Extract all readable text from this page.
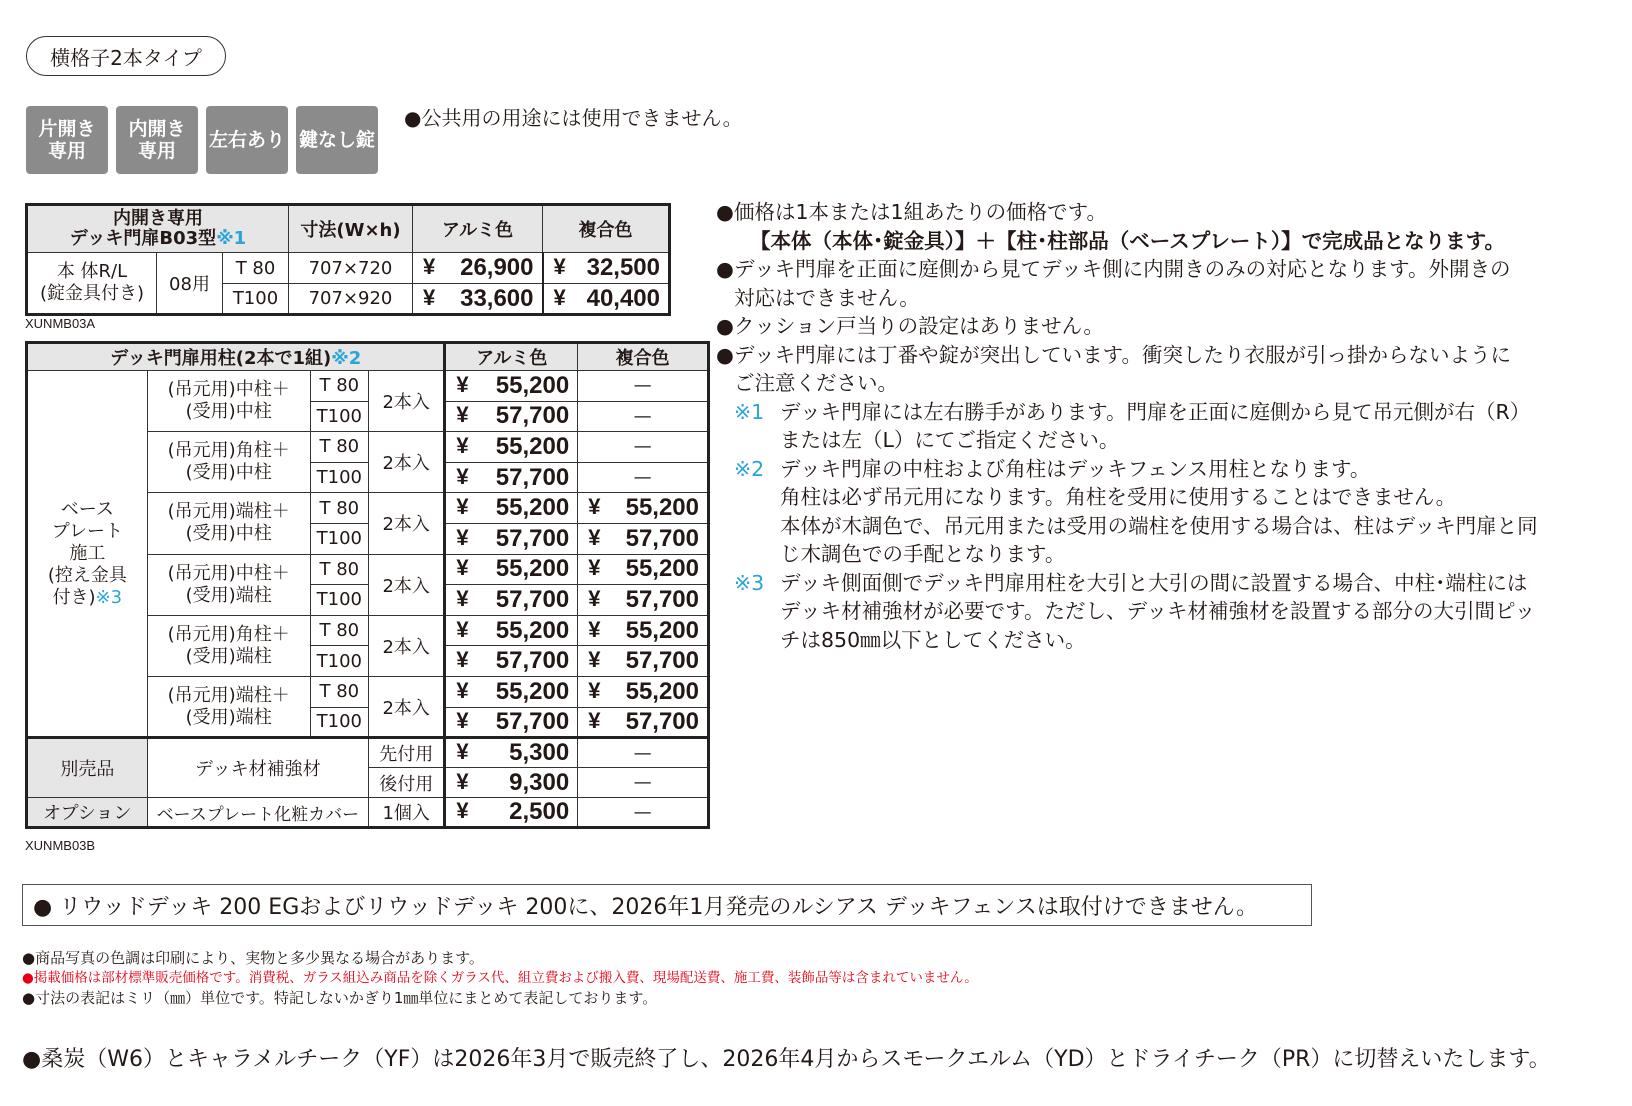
横格子2本タイプ
片開き
専用
内開き
専用 左右あり 鍵なし錠
●公共用の用途には使用できません。
内開き専用
デッキ門扉B03型※1			寸法(W×h)	アルミ色	複合色
本 体R/L
(錠金具付き)	08用	T 80	707×720	¥ 26,900	¥ 32,500

		T100	707×920	¥ 33,600	¥ 40,400
XUNMB03A
デッキ門扉用柱(2本で1組)※2				アルミ色	複合色
ベース
プレート
施工
(控え金具
付き)※3	(吊元用)中柱＋
(受用)中柱	T 80	2本入	¥ 55,200	—
		T100		¥ 57,700	—
	(吊元用)角柱＋
(受用)中柱	T 80	2本入	¥ 55,200	—
		T100		¥ 57,700	—
	(吊元用)端柱＋
(受用)中柱	T 80	2本入	¥ 55,200	¥ 55,200

		T100		¥ 57,700	¥ 57,700

	(吊元用)中柱＋
(受用)端柱	T 80	2本入	¥ 55,200	¥ 55,200

		T100		¥ 57,700	¥ 57,700

	(吊元用)角柱＋
(受用)端柱	T 80	2本入	¥ 55,200	¥ 55,200

		T100		¥ 57,700	¥ 57,700

	(吊元用)端柱＋
(受用)端柱	T 80	2本入	¥ 55,200	¥ 55,200

		T100		¥ 57,700	¥ 57,700

別売品	デッキ材補強材		先付用	¥ 5,300	—
			後付用	¥ 9,300	—
オプション	ベースプレート化粧カバー		1個入	¥ 2,500	—
XUNMB03B

● 価格は1本または1組あたりの価格です。

【本体（本体･錠金具）】＋【柱･柱部品（ベースプレート）】で完成品となります。

● デッキ門扉を正面に庭側から見てデッキ側に内開きのみの対応となります。外開きの

対応はできません。

● クッション戸当りの設定はありません。

● デッキ門扉には丁番や錠が突出しています。衝突したり衣服が引っ掛からないように

ご注意ください。

※1 デッキ門扉には左右勝手があります。門扉を正面に庭側から見て吊元側が右（R）

または左（L）にてご指定ください。

※2 デッキ門扉の中柱および角柱はデッキフェンス用柱となります。

角柱は必ず吊元用になります。角柱を受用に使用することはできません。

本体が木調色で、吊元用または受用の端柱を使用する場合は、柱はデッキ門扉と同

じ木調色での手配となります。

※3 デッキ側面側でデッキ門扉用柱を大引と大引の間に設置する場合、中柱･端柱には

デッキ材補強材が必要です。ただし、デッキ材補強材を設置する部分の大引間ピッ

チは850㎜以下としてください。

● リウッドデッキ 200 EGおよびリウッドデッキ 200に、2026年1月発売のルシアス デッキフェンスは取付けできません。
●商品写真の色調は印刷により、実物と多少異なる場合があります。
●掲載価格は部材標準販売価格です。消費税、ガラス組込み商品を除くガラス代、組立費および搬入費、現場配送費、施工費、装飾品等は含まれていません。
●寸法の表記はミリ（㎜）単位です。特記しないかぎり1㎜単位にまとめて表記しております。
●桑炭（W6）とキャラメルチーク（YF）は2026年3月で販売終了し、2026年4月からスモークエルム（YD）とドライチーク（PR）に切替えいたします。
